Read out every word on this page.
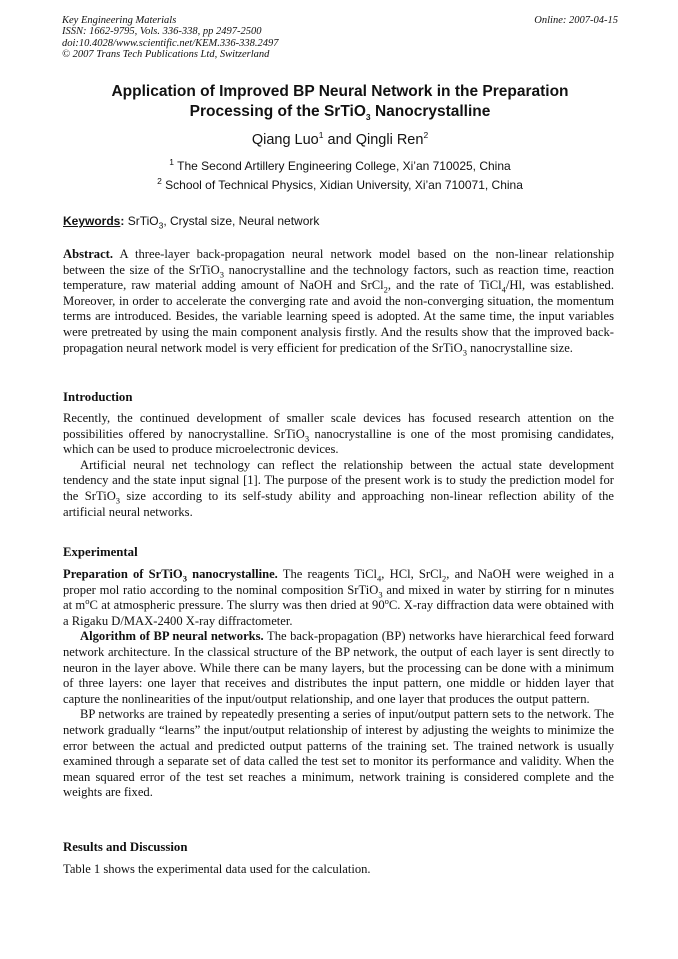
Key Engineering Materials
ISSN: 1662-9795, Vols. 336-338, pp 2497-2500
doi:10.4028/www.scientific.net/KEM.336-338.2497
© 2007 Trans Tech Publications Ltd, Switzerland
Online: 2007-04-15
Application of Improved BP Neural Network in the Preparation
Processing of the SrTiO$_3$ Nanocrystalline
Qiang Luo$^1$ and Qingli Ren$^2$
$^1$ The Second Artillery Engineering College, Xi’an 710025, China
$^2$ School of Technical Physics, Xidian University, Xi’an 710071, China
Keywords: SrTiO$_3$, Crystal size, Neural network

Abstract. A three-layer back-propagation neural network model based on the non-linear relationship between the size of the SrTiO$_3$ nanocrystalline and the technology factors, such as reaction time, reaction temperature, raw material adding amount of NaOH and SrCl$_2$, and the rate of TiCl$_4$/Hl, was established. Moreover, in order to accelerate the converging rate and avoid the non-converging situation, the momentum terms are introduced. Besides, the variable learning speed is adopted. At the same time, the input variables were pretreated by using the main component analysis firstly. And the results show that the improved back-propagation neural network model is very efficient for predication of the SrTiO$_3$ nanocrystalline size.

Introduction

Recently, the continued development of smaller scale devices has focused research attention on the possibilities offered by nanocrystalline. SrTiO$_3$ nanocrystalline is one of the most promising candidates, which can be used to produce microelectronic devices.

Artificial neural net technology can reflect the relationship between the actual state development tendency and the state input signal [1]. The purpose of the present work is to study the prediction model for the SrTiO$_3$ size according to its self-study ability and approaching non-linear reflection ability of the artificial neural networks.

Experimental

Preparation of SrTiO$_3$ nanocrystalline. The reagents TiCl$_4$, HCl, SrCl$_2$, and NaOH were weighed in a proper mol ratio according to the nominal composition SrTiO$_3$ and mixed in water by stirring for n minutes at $m^oC$ at atmospheric pressure. The slurry was then dried at 90$^o$C. X-ray diffraction data were obtained with a Rigaku D/MAX-2400 X-ray diffractometer.

Algorithm of BP neural networks. The back-propagation (BP) networks have hierarchical feed forward network architecture. In the classical structure of the BP network, the output of each layer is sent directly to neuron in the layer above. While there can be many layers, but the processing can be done with a minimum of three layers: one layer that receives and distributes the input pattern, one middle or hidden layer that capture the nonlinearities of the input/output relationship, and one layer that produces the output pattern.

BP networks are trained by repeatedly presenting a series of input/output pattern sets to the network. The network gradually “learns” the input/output relationship of interest by adjusting the weights to minimize the error between the actual and predicted output patterns of the training set. The trained network is usually examined through a separate set of data called the test set to monitor its performance and validity. When the mean squared error of the test set reaches a minimum, network training is considered complete and the weights are fixed.

Results and Discussion

Table 1 shows the experimental data used for the calculation.
